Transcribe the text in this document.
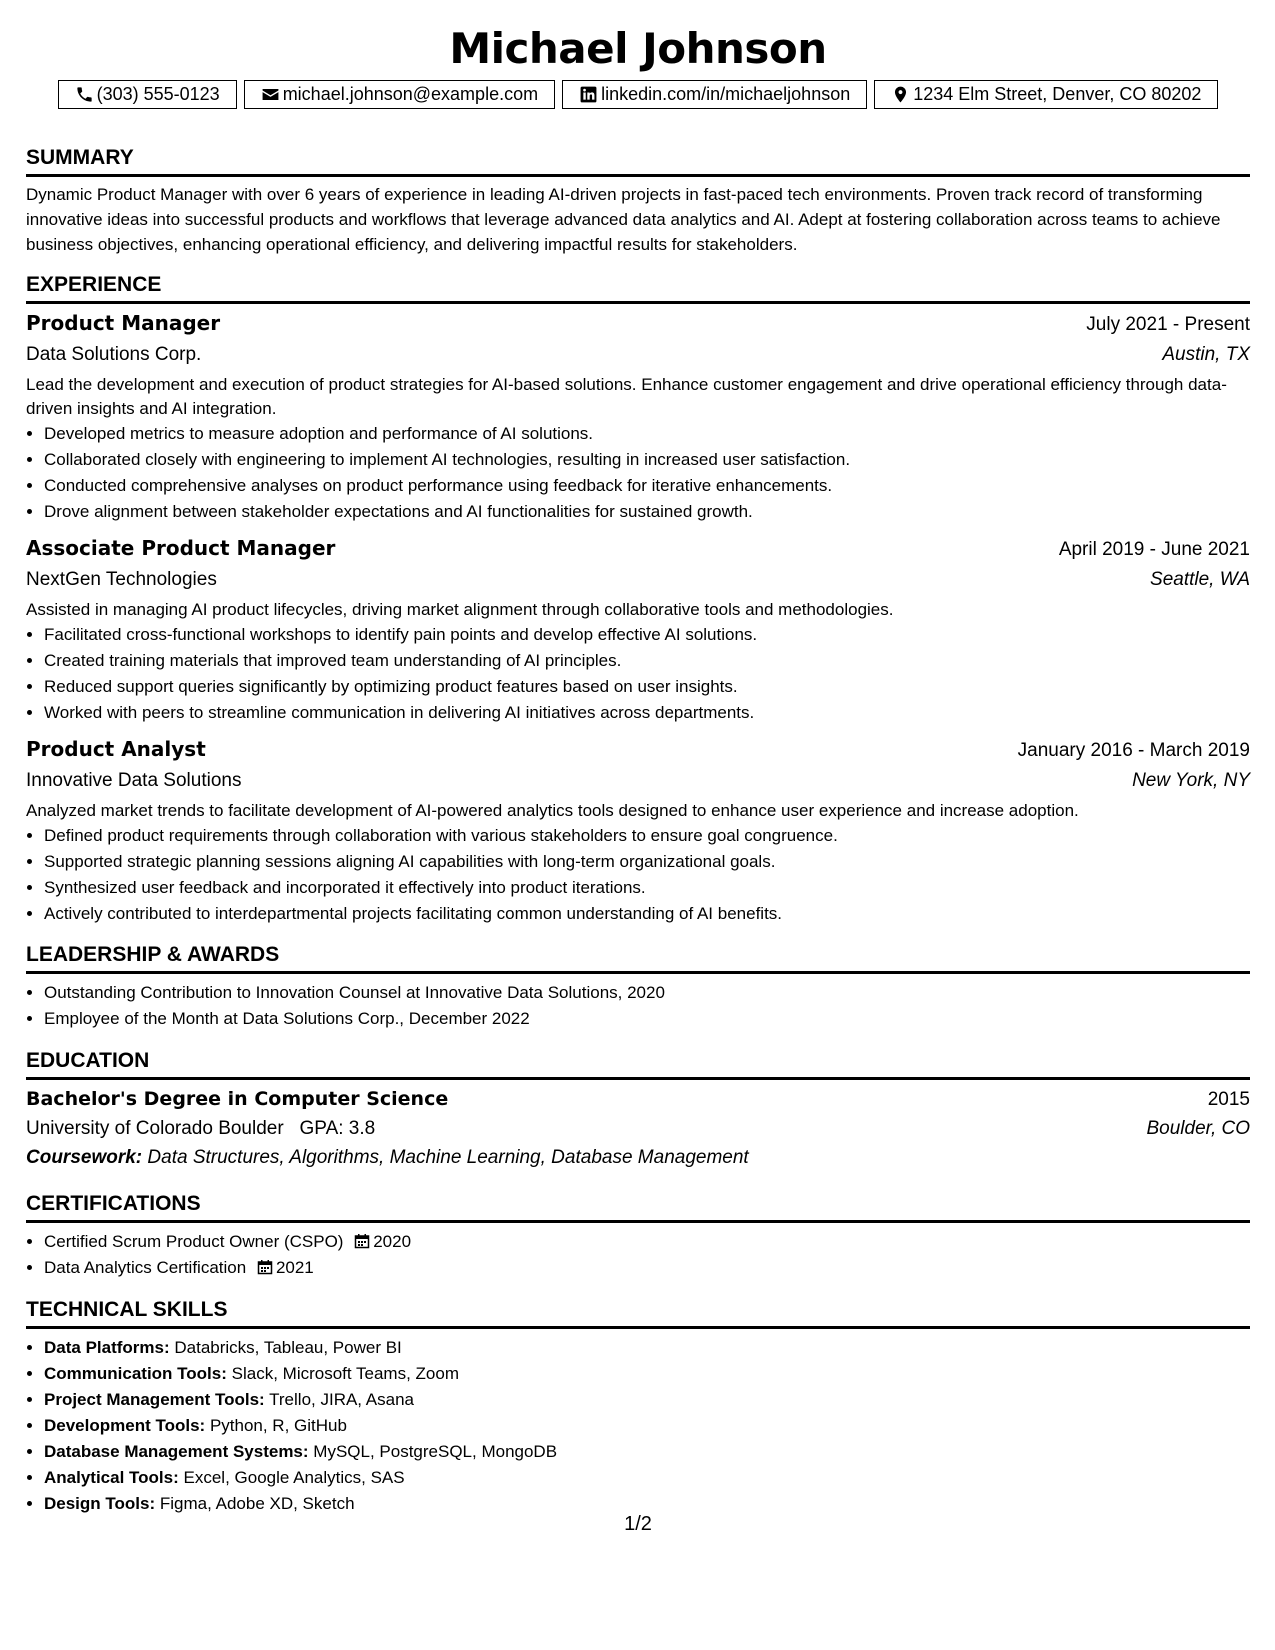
Michael Johnson
(303) 555-0123	michael.johnson@example.com	linkedin.com/in/michaeljohnson	1234 Elm Street, Denver, CO 80202
SUMMARY

Dynamic Product Manager with over 6 years of experience in leading AI-driven projects in fast-paced tech environments. Proven track record of transforming innovative ideas into successful products and workflows that leverage advanced data analytics and AI. Adept at fostering collaboration across teams to achieve business objectives, enhancing operational efficiency, and delivering impactful results for stakeholders.

EXPERIENCE
Product Manager	July 2021 - Present
Data Solutions Corp.	Austin, TX

Lead the development and execution of product strategies for AI-based solutions. Enhance customer engagement and drive operational efficiency through data-driven insights and AI integration.

• Developed metrics to measure adoption and performance of AI solutions.
• Collaborated closely with engineering to implement AI technologies, resulting in increased user satisfaction.
• Conducted comprehensive analyses on product performance using feedback for iterative enhancements.
• Drove alignment between stakeholder expectations and AI functionalities for sustained growth.
Associate Product Manager	April 2019 - June 2021
NextGen Technologies	Seattle, WA

Assisted in managing AI product lifecycles, driving market alignment through collaborative tools and methodologies.

• Facilitated cross-functional workshops to identify pain points and develop effective AI solutions.
• Created training materials that improved team understanding of AI principles.
• Reduced support queries significantly by optimizing product features based on user insights.
• Worked with peers to streamline communication in delivering AI initiatives across departments.
Product Analyst	January 2016 - March 2019
Innovative Data Solutions	New York, NY

Analyzed market trends to facilitate development of AI-powered analytics tools designed to enhance user experience and increase adoption.

• Defined product requirements through collaboration with various stakeholders to ensure goal congruence.
• Supported strategic planning sessions aligning AI capabilities with long-term organizational goals.
• Synthesized user feedback and incorporated it effectively into product iterations.
• Actively contributed to interdepartmental projects facilitating common understanding of AI benefits.
LEADERSHIP & AWARDS
• Outstanding Contribution to Innovation Counsel at Innovative Data Solutions, 2020
• Employee of the Month at Data Solutions Corp., December 2022
EDUCATION
Bachelor's Degree in Computer Science	2015
University of Colorado Boulder GPA: 3.8	Boulder, CO
Coursework: Data Structures, Algorithms, Machine Learning, Database Management
CERTIFICATIONS
• Certified Scrum Product Owner (CSPO) 2020
• Data Analytics Certification 2021
TECHNICAL SKILLS
• Data Platforms: Databricks, Tableau, Power BI
• Communication Tools: Slack, Microsoft Teams, Zoom
• Project Management Tools: Trello, JIRA, Asana
• Development Tools: Python, R, GitHub
• Database Management Systems: MySQL, PostgreSQL, MongoDB
• Analytical Tools: Excel, Google Analytics, SAS
• Design Tools: Figma, Adobe XD, Sketch
1/2
